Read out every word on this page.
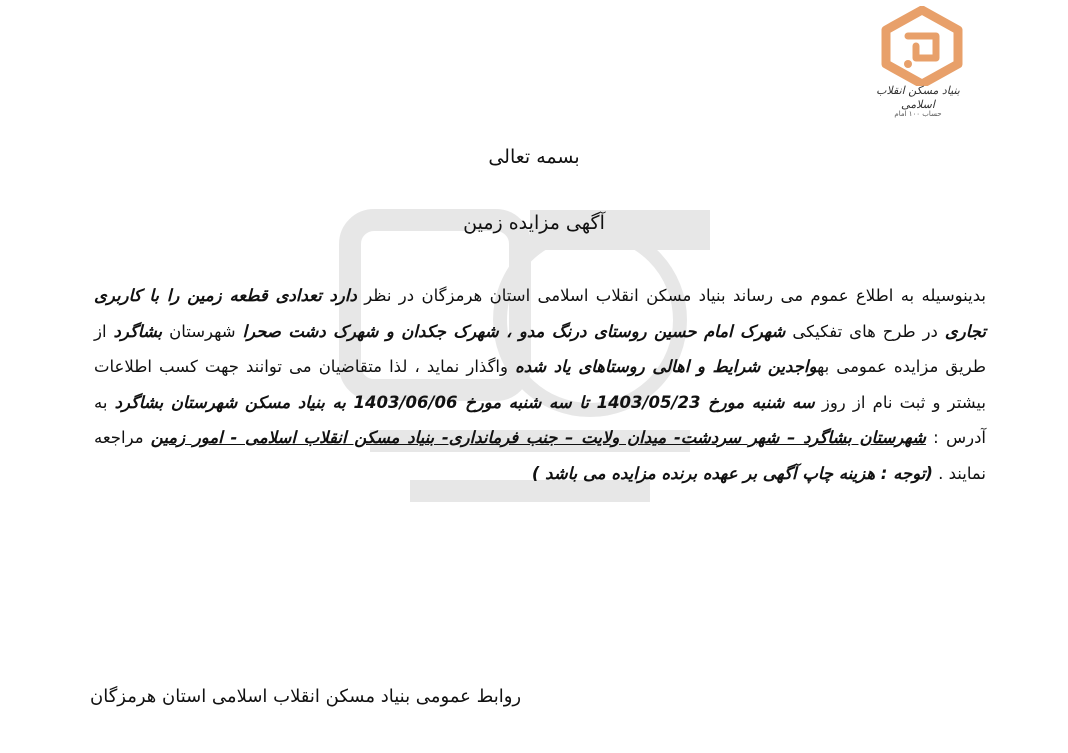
بنیاد مسکن انقلاب اسلامی
حساب ۱۰۰ امام
بسمه تعالی
آگهی مزایده زمین
بدینوسیله به اطلاع عموم می رساند بنیاد مسکن انقلاب اسلامی استان هرمزگان در نظر دارد تعدادی قطعه زمین را با کاربری تجاری در طرح های تفکیکی شهرک امام حسین روستای درنگ مدو ، شهرک جکدان و شهرک دشت صحرا شهرستان بشاگرد از طریق مزایده عمومی بهواجدین شرایط و اهالی روستاهای یاد شده واگذار نماید ، لذا متقاضیان می توانند جهت کسب اطلاعات بیشتر و ثبت نام از روز سه شنبه مورخ 1403/05/23 تا سه شنبه مورخ 1403/06/06 به بنیاد مسکن شهرستان بشاگرد به آدرس : شهرستان بشاگرد – شهر سردشت- میدان ولایت – جنب فرمانداری- بنیاد مسکن انقلاب اسلامی - امور زمین مراجعه نمایند . (توجه : هزینه چاپ آگهی بر عهده برنده مزایده می باشد )
روابط عمومی بنیاد مسکن انقلاب اسلامی استان هرمزگان
